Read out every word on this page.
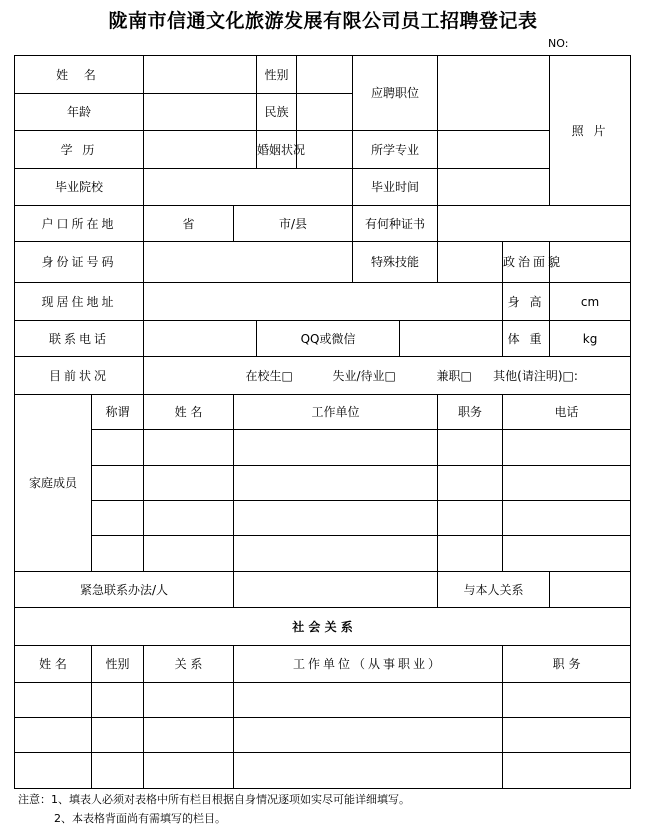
陇南市信通文化旅游发展有限公司员工招聘登记表
NO:
姓 名				性别		应聘职位				照 片
年龄				民族						
学 历				婚姻状况		所学专业				
毕业院校						毕业时间				
户口所在地		省	市/县			有何种证书				
身份证号码						特殊技能			政治面貌	
现居住地址									身 高	cm
联系电话				QQ或微信					体 重	kg
目前状况		在校生□ 失业/待业□ 兼职□ 其他(请注明)□:								
家庭成员	称谓	姓 名	工作单位					职务	电话	

紧急联系办法/人								与本人关系		
社 会 关 系										
姓 名	性别	关 系	工作单位（从事职业）						职 务	

注意：1、填表人必须对表格中所有栏目根据自身情况逐项如实尽可能详细填写。
2、本表格背面尚有需填写的栏目。
